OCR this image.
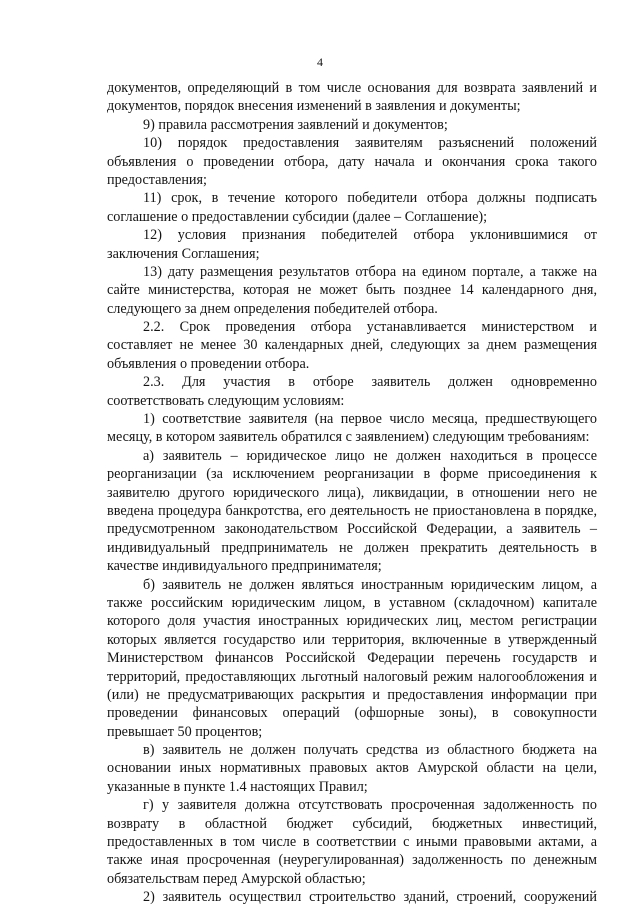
4
документов, определяющий в том числе основания для возврата заявлений и
документов, порядок внесения изменений в заявления и документы;
9) правила рассмотрения заявлений и документов;
10) порядок предоставления заявителям разъяснений положений
объявления о проведении отбора, дату начала и окончания срока такого
предоставления;
11) срок, в течение которого победители отбора должны подписать
соглашение о предоставлении субсидии (далее – Соглашение);
12) условия признания победителей отбора уклонившимися от
заключения Соглашения;
13) дату размещения результатов отбора на едином портале, а также на
сайте министерства, которая не может быть позднее 14 календарного дня,
следующего за днем определения победителей отбора.
2.2. Срок проведения отбора устанавливается министерством и
составляет не менее 30 календарных дней, следующих за днем размещения
объявления о проведении отбора.
2.3. Для участия в отборе заявитель должен одновременно
соответствовать следующим условиям:
1) соответствие заявителя (на первое число месяца, предшествующего
месяцу, в котором заявитель обратился с заявлением) следующим требованиям:
а) заявитель – юридическое лицо не должен находиться в процессе
реорганизации (за исключением реорганизации в форме присоединения к
заявителю другого юридического лица), ликвидации, в отношении него не
введена процедура банкротства, его деятельность не приостановлена в порядке,
предусмотренном законодательством Российской Федерации, а заявитель –
индивидуальный предприниматель не должен прекратить деятельность в
качестве индивидуального предпринимателя;
б) заявитель не должен являться иностранным юридическим лицом, а
также российским юридическим лицом, в уставном (складочном) капитале
которого доля участия иностранных юридических лиц, местом регистрации
которых является государство или территория, включенные в утвержденный
Министерством финансов Российской Федерации перечень государств и
территорий, предоставляющих льготный налоговый режим налогообложения и
(или) не предусматривающих раскрытия и предоставления информации при
проведении финансовых операций (офшорные зоны), в совокупности
превышает 50 процентов;
в) заявитель не должен получать средства из областного бюджета на
основании иных нормативных правовых актов Амурской области на цели,
указанные в пункте 1.4 настоящих Правил;
г) у заявителя должна отсутствовать просроченная задолженность по
возврату в областной бюджет субсидий, бюджетных инвестиций,
предоставленных в том числе в соответствии с иными правовыми актами, а
также иная просроченная (неурегулированная) задолженность по денежным
обязательствам перед Амурской областью;
2) заявитель осуществил строительство зданий, строений, сооружений
